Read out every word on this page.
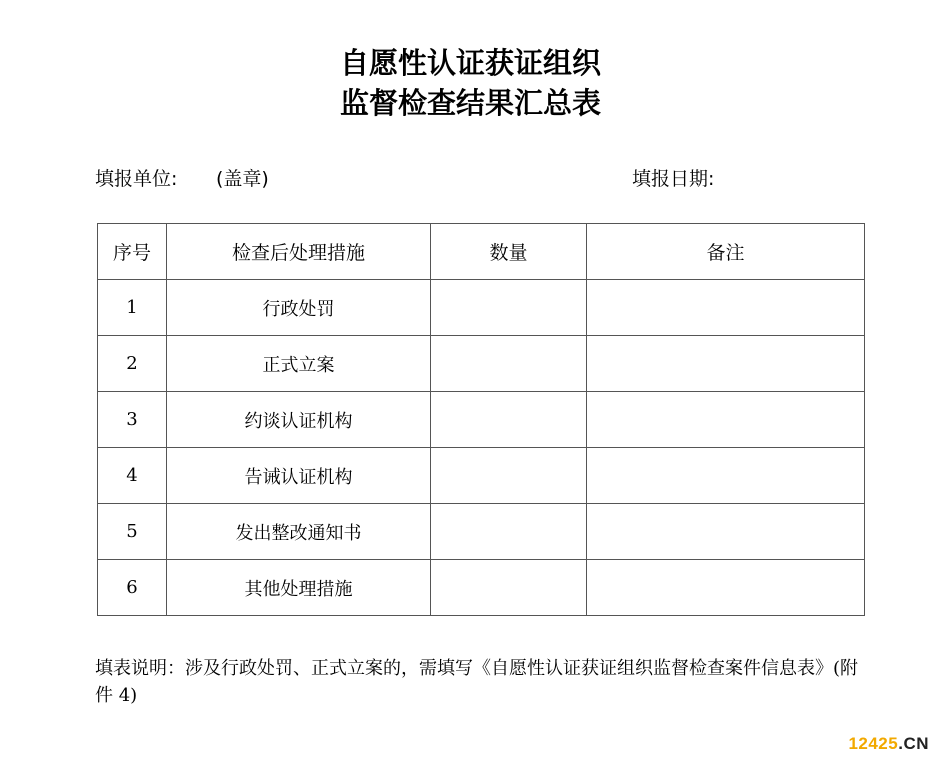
自愿性认证获证组织
监督检查结果汇总表
填报单位: (盖章)	填报日期:
序号	检查后处理措施	数量	备注
1	行政处罚		
2	正式立案		
3	约谈认证机构		
4	告诫认证机构		
5	发出整改通知书		
6	其他处理措施		
填表说明：涉及行政处罚、正式立案的，需填写《自愿性认证获证组织监督检查案件信息表》(附件 4)
12425.CN
